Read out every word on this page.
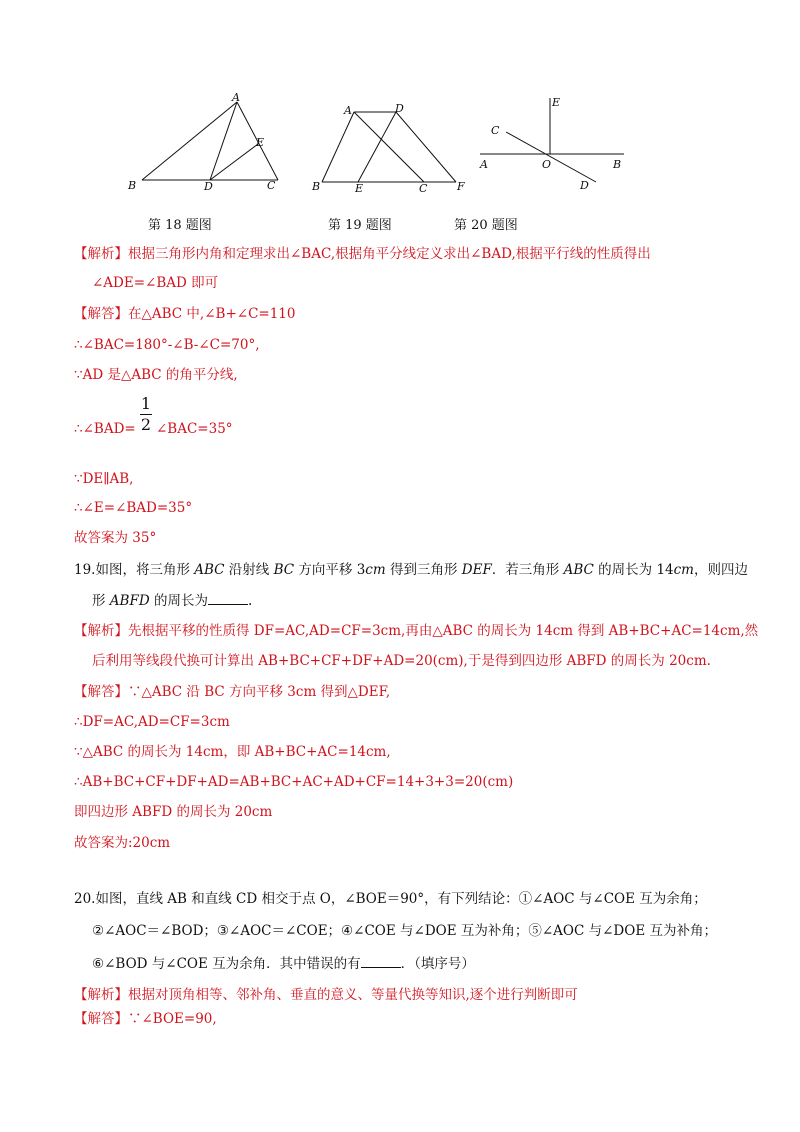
A
B	C
D
E
A	D
B	E	C	F
E
C
A	O	B
D
第 18 题图	第 19 题图	第 20 题图
【解析】根据三角形内角和定理求出∠BAC,根据角平分线定义求出∠BAD,根据平行线的性质得出
∠ADE=∠BAD 即可
【解答】在△ABC 中,∠B+∠C=110
∴∠BAC=180°-∠B-∠C=70°,
∵AD 是△ABC 的角平分线,
∴∠BAD=
1
2 ∠BAC=35°
∵DE∥AB,
∴∠E=∠BAD=35°
故答案为 35°
19.如图，将三角形 ABC 沿射线 BC 方向平移 3cm 得到三角形 DEF．若三角形 ABC 的周长为 14cm，则四边
形 ABFD 的周长为	.
【解析】先根据平移的性质得 DF=AC,AD=CF=3cm,再由△ABC 的周长为 14cm 得到 AB+BC+AC=14cm,然
后利用等线段代换可计算出 AB+BC+CF+DF+AD=20(cm),于是得到四边形 ABFD 的周长为 20cm.
【解答】∵△ABC 沿 BC 方向平移 3cm 得到△DEF,
∴DF=AC,AD=CF=3cm
∵△ABC 的周长为 14cm，即 AB+BC+AC=14cm,
∴AB+BC+CF+DF+AD=AB+BC+AC+AD+CF=14+3+3=20(cm)
即四边形 ABFD 的周长为 20cm
故答案为:20cm
20.如图，直线 AB 和直线 CD 相交于点 O，∠BOE＝90°，有下列结论：①∠AOC 与∠COE 互为余角；
②∠AOC＝∠BOD；③∠AOC＝∠COE；④∠COE 与∠DOE 互为补角；⑤∠AOC 与∠DOE 互为补角；
⑥∠BOD 与∠COE 互为余角．其中错误的有	．（填序号）
【解析】根据对顶角相等、邻补角、垂直的意义、等量代换等知识,逐个进行判断即可
【解答】∵∠BOE=90,
